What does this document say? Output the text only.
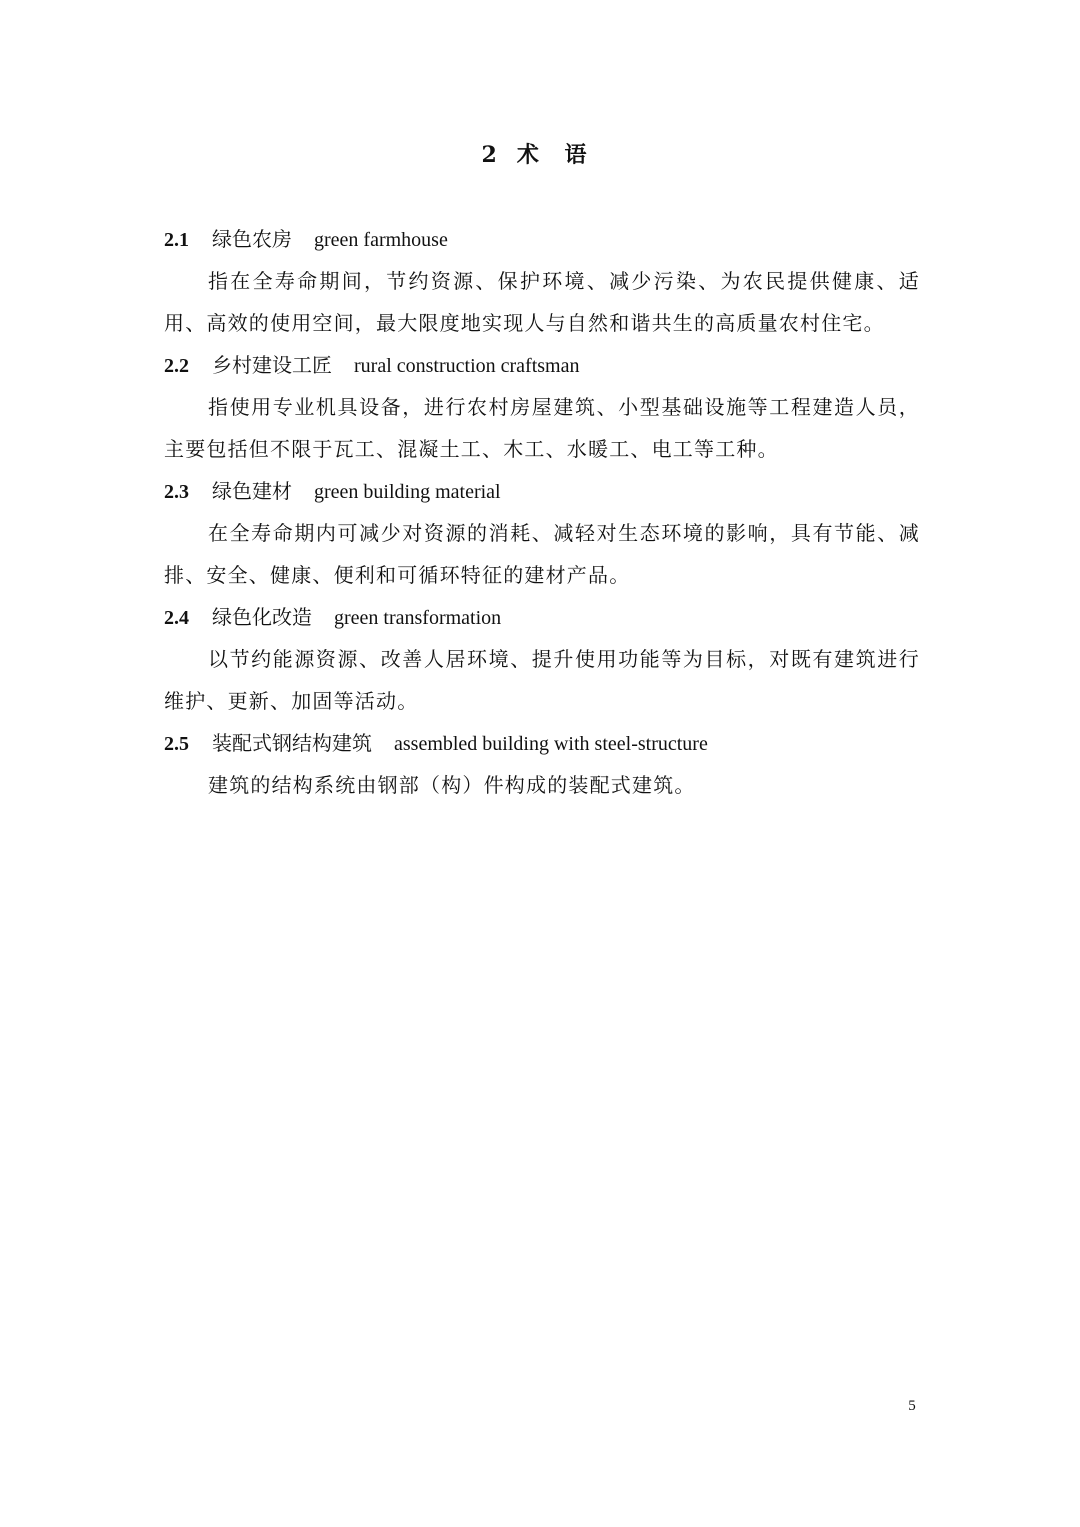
2 术 语
2.1 绿色农房 green farmhouse
指在全寿命期间，节约资源、保护环境、减少污染、为农民提供健康、适用、高效的使用空间，最大限度地实现人与自然和谐共生的高质量农村住宅。
2.2 乡村建设工匠 rural construction craftsman
指使用专业机具设备，进行农村房屋建筑、小型基础设施等工程建造人员，主要包括但不限于瓦工、混凝土工、木工、水暖工、电工等工种。
2.3 绿色建材 green building material
在全寿命期内可减少对资源的消耗、减轻对生态环境的影响，具有节能、减排、安全、健康、便利和可循环特征的建材产品。
2.4 绿色化改造 green transformation
以节约能源资源、改善人居环境、提升使用功能等为目标，对既有建筑进行维护、更新、加固等活动。
2.5 装配式钢结构建筑 assembled building with steel-structure
建筑的结构系统由钢部（构）件构成的装配式建筑。
5
